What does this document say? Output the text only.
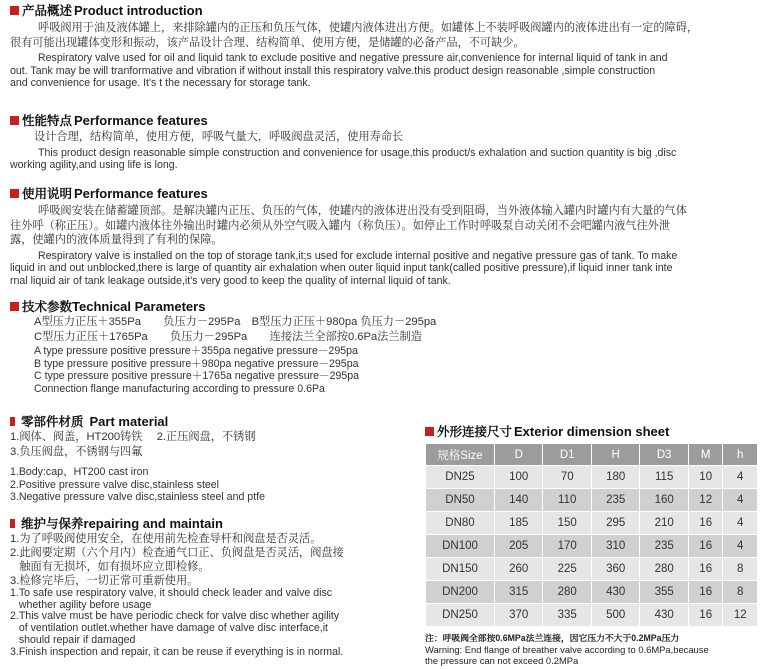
产品概述 Product introduction
呼吸阀用于油及液体罐上，来排除罐内的正压和负压气体，使罐内液体进出方便。如罐体上不装呼吸阀罐内的液体进出有一定的障碍，
很有可能出现罐体变形和振动，该产品设计合理、结构简单、使用方便，是储罐的必备产品，不可缺少。
Respiratory valve used for oil and liquid tank to exclude positive and negative pressure air,convenience for internal liquid of tank in and
out. Tank may be will tranformative and vibration if without install this respiratory valve.this product design reasonable ,simple construction
and convenience for usage. It's t the necessary for storage tank.
性能特点 Performance features
设计合理，结构简单，使用方便，呼吸气量大，呼吸阀盘灵活，使用寿命长
This product design reasonable simple construction and convenience for usage,this product/s exhalation and suction quantity is big ,disc
working agility,and using life is long.
使用说明 Performance features
呼吸阀安装在储蓄罐顶部。是解决罐内正压、负压的气体，使罐内的液体进出没有受到阻碍，当外液体输入罐内时罐内有大量的气体
往外呼（称正压）。如罐内液体往外输出时罐内必须从外空气吸入罐内（称负压）。如停止工作时呼吸泵自动关闭不会吧罐内液气往外泄
露，使罐内的液体质量得到了有利的保障。
Respiratory valve is installed on the top of storage tank,it;s used for exclude internal positive and negative pressure gas of tank. To make
liquid in and out unblocked,there is large of quantity air exhalation when outer liquid input tank(called positive pressure),if liquid inner tank inte
rnal liquid air of tank leakage outside,it's very good to keep the quality of internal liquid of tank.
技术参数 Technical Parameters
A型压力正压＋355Pa　　负压力－295Pa　B型压力正压＋980pa 负压力－295pa
C型压力正压＋1765Pa　　负压力－295Pa　　连接法兰全部按0.6Pa法兰制造
A type pressure positive pressure＋355pa negative pressure－295pa
B type pressure positive pressure＋980pa negative pressure－295pa
C type pressure positive pressure＋1765a negative pressure－295pa
Connection flange manufacturing according to pressure 0.6Pa
零部件材质 Part material
1.阀体、阀盖，HT200铸铁　 2.正压阀盘，不锈钢
3.负压阀盘，不锈钢与四氟
1.Body:cap、HT200 cast iron
2.Positive pressure valve disc,stainless steel
3.Negative pressure valve disc,stainless steel and ptfe
维护与保养 repairing and maintain
1.为了呼吸阀使用安全，在使用前先检查导杆和阀盘是否灵活。
2.此阀要定期（六个月内）检查通气口正、负阀盘是否灵活，阀盘接
触面有无损坏，如有损坏应立即检修。
3.检修完毕后，一切正常可重新使用。
1.To safe use respiratory valve, it should check leader and valve disc
whether agility before usage
2.This valve must be have periodic check for valve disc whether agility
of ventilation outlet.whether have damage of valve disc interface,it
should repair if damaged
3.Finish inspection and repair, it can be reuse if everything is in normal.
外形连接尺寸 Exterior dimension sheet
规格Size	D	D1	H	D3	M	h
DN25	100	70	180	115	10	4
DN50	140	110	235	160	12	4
DN80	185	150	295	210	16	4
DN100	205	170	310	235	16	4
DN150	260	225	360	280	16	8
DN200	315	280	430	355	16	8
DN250	370	335	500	430	16	12
注：呼吸阀全部按0.6MPa法兰连接，因它压力不大于0.2MPa压力
Warning: End flange of breather valve according to 0.6MPa,because
the pressure can not exceed 0.2MPa
